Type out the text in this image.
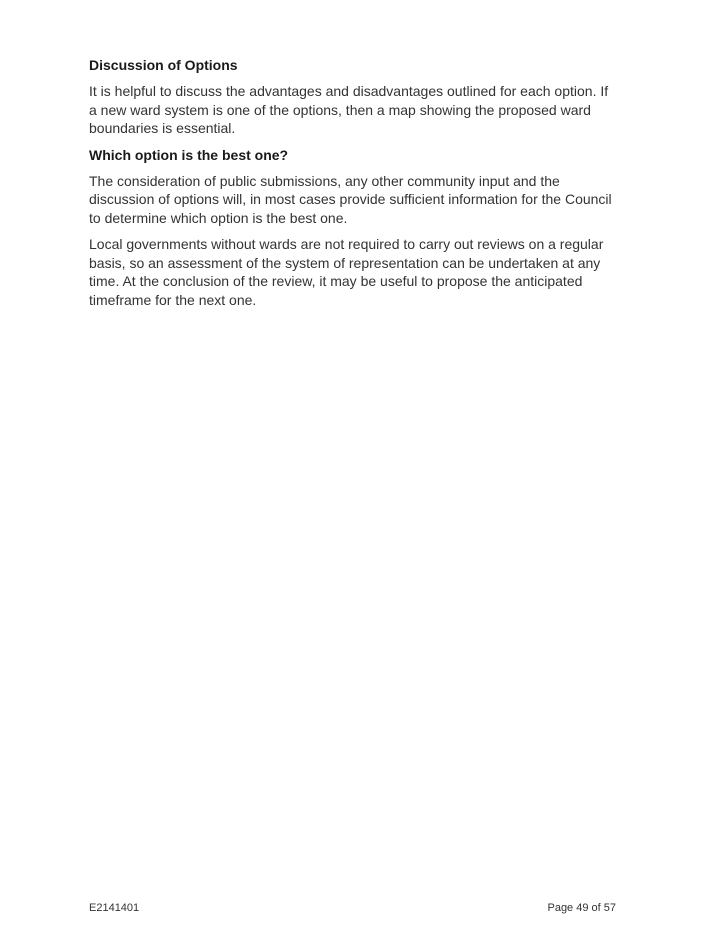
Discussion of Options

It is helpful to discuss the advantages and disadvantages outlined for each option. If a new ward system is one of the options, then a map showing the proposed ward boundaries is essential.

Which option is the best one?

The consideration of public submissions, any other community input and the discussion of options will, in most cases provide sufficient information for the Council to determine which option is the best one.

Local governments without wards are not required to carry out reviews on a regular basis, so an assessment of the system of representation can be undertaken at any time. At the conclusion of the review, it may be useful to propose the anticipated timeframe for the next one.

E2141401	Page 49 of 57
